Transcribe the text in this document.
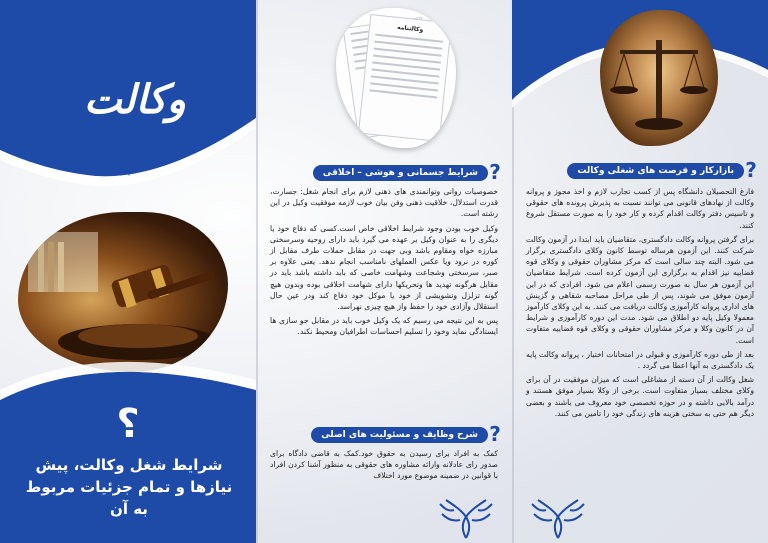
وکالت
؟
شرایط شغل وکالت، پیش نیازها و تمام جزئیات مربوط به آن
وکالتنامه
?
شرایط جسمانی و هوشی – اخلاقی

خصوصیات روانی وتوانمندی های ذهنی لازم برای انجام شغل: جسارت، قدرت استدلال، خلاقیت ذهنی وفن بیان خوب لازمه موفقیت وکیل در این رشته است.

وکیل خوب بودن وجود شرایط اخلاقی خاص است.کسی که دفاع خود یا دیگری را به عنوان وکیل بر عهده می گیرد باید دارای روحیه وسرسختی مبارزه خواه ومقاوم باشد وبی جهت در مقابل حملات طرف مقابل از کوره در نرود ویا عکس العملهای نامناسب انجام ندهد. یعنی علاوه بر صبر، سرسختی وشجاعت وشهامت خاصی که باید داشته باشد باید در مقابل هرگونه تهدید ها وتحریکها دارای شهامت اخلاقی بوده وبدون هیچ گونه تزلزل وتشویشی از خود یا موکل خود دفاع کند ودر عین حال استقلال وآزادی خود را حفظ واز هیچ چیزی نهراسد.

پس به این نتیجه می رسیم که یک وکیل خوب باید در مقابل جو سازی ها ایستادگی نماید وخود را تسلیم احساسات اطرافیان ومحیط نکند.

?
شرح وظایف و مسئولیت های اصلی

کمک به افراد برای رسیدن به حقوق خود.کمک به قاضی دادگاه برای صدور رای عادلانه وارائه مشاوره های حقوقی به منظور آشنا کردن افراد با قوانین در ضمینه موضوع مورد اختلاف

?
بازارکار و فرصت های شغلی وکالت

فارغ التحصیلان دانشگاه پس از کسب تجارب لازم و اخذ مجوز و پروانه وکالت از نهادهای قانونی می توانند نسبت به پذیرش پرونده های حقوقی و تاسیس دفتر وکالت اقدام کرده و کار خود را به صورت مستقل شروع کنند.

برای گرفتن پروانه وکالت دادگستری، متقاضیان باید ابتدا در آزمون وکالت شرکت کنند. این آزمون هرساله توسط کانون وکلای دادگستری برگزار می شود. البته چند سالی است که مرکز مشاوران حقوقی و وکلای قوه قضاییه نیز اقدام به برگزاری این آزمون کرده است. شرایط متقاضیان این آزمون هر سال به صورت رسمی اعلام می شود. افرادی که در این آزمون موفق می شوند، پس از طی مراحل مصاحبه شفاهی و گزینش های اداری پروانه کارآموزی وکالت دریافت می کنند. به این وکلای کارآموز معمولا وکیل پایه دو اطلاق می شود. مدت این دوره کارآموزی و شرایط آن در کانون وکلا و مرکز مشاوران حقوقی و وکلای قوه قضاییه متفاوت است.

بعد از طی دوره کارآموزی و قبولی در امتحانات اختبار ، پروانه وکالت پایه یک دادگستری به آنها اعطا می گردد .

شغل وکالت از آن دسته از مشاغلی است که میزان موفقیت در آن برای وکلای مختلف بسیار متفاوت است. برخی از وکلا بسیار موفق هستند و درآمد بالایی داشته و در حوزه تخصصی خود معروف می باشند و بعضی دیگر هم حتی به سختی هزینه های زندگی خود را تامین می کنند.
